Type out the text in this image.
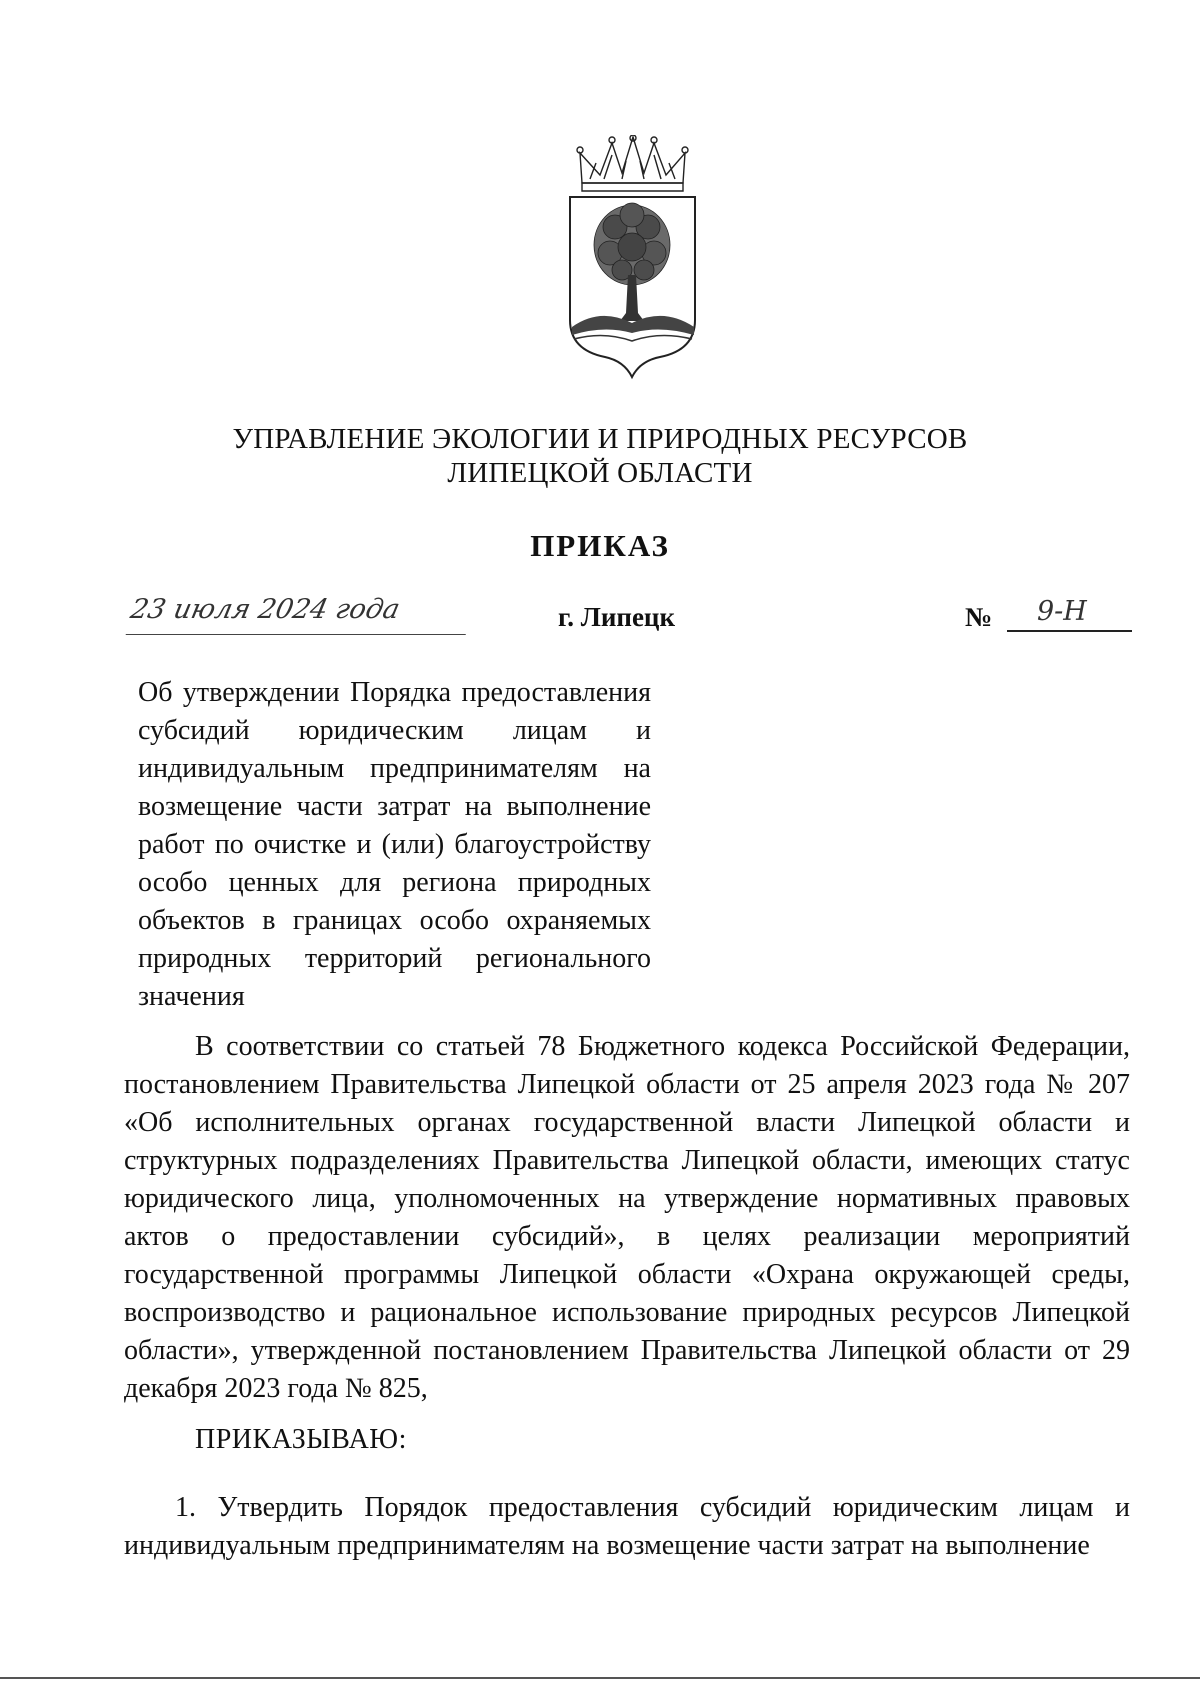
УПРАВЛЕНИЕ ЭКОЛОГИИ И ПРИРОДНЫХ РЕСУРСОВ
ЛИПЕЦКОЙ ОБЛАСТИ
ПРИКАЗ
23 июля 2024 года	г. Липецк	№	9-Н
Об утверждении Порядка предоставления субсидий юридическим лицам и индивидуальным предпринимателям на возмещение части затрат на выполнение работ по очистке и (или) благоустройству особо ценных для региона природных объектов в границах особо охраняемых природных территорий регионального значения
В соответствии со статьей 78 Бюджетного кодекса Российской Федерации, постановлением Правительства Липецкой области от 25 апреля 2023 года № 207 «Об исполнительных органах государственной власти Липецкой области и структурных подразделениях Правительства Липецкой области, имеющих статус юридического лица, уполномоченных на утверждение нормативных правовых актов о предоставлении субсидий», в целях реализации мероприятий государственной программы Липецкой области «Охрана окружающей среды, воспроизводство и рациональное использование природных ресурсов Липецкой области», утвержденной постановлением Правительства Липецкой области от 29 декабря 2023 года № 825,
ПРИКАЗЫВАЮ:
1. Утвердить Порядок предоставления субсидий юридическим лицам и индивидуальным предпринимателям на возмещение части затрат на выполнение
